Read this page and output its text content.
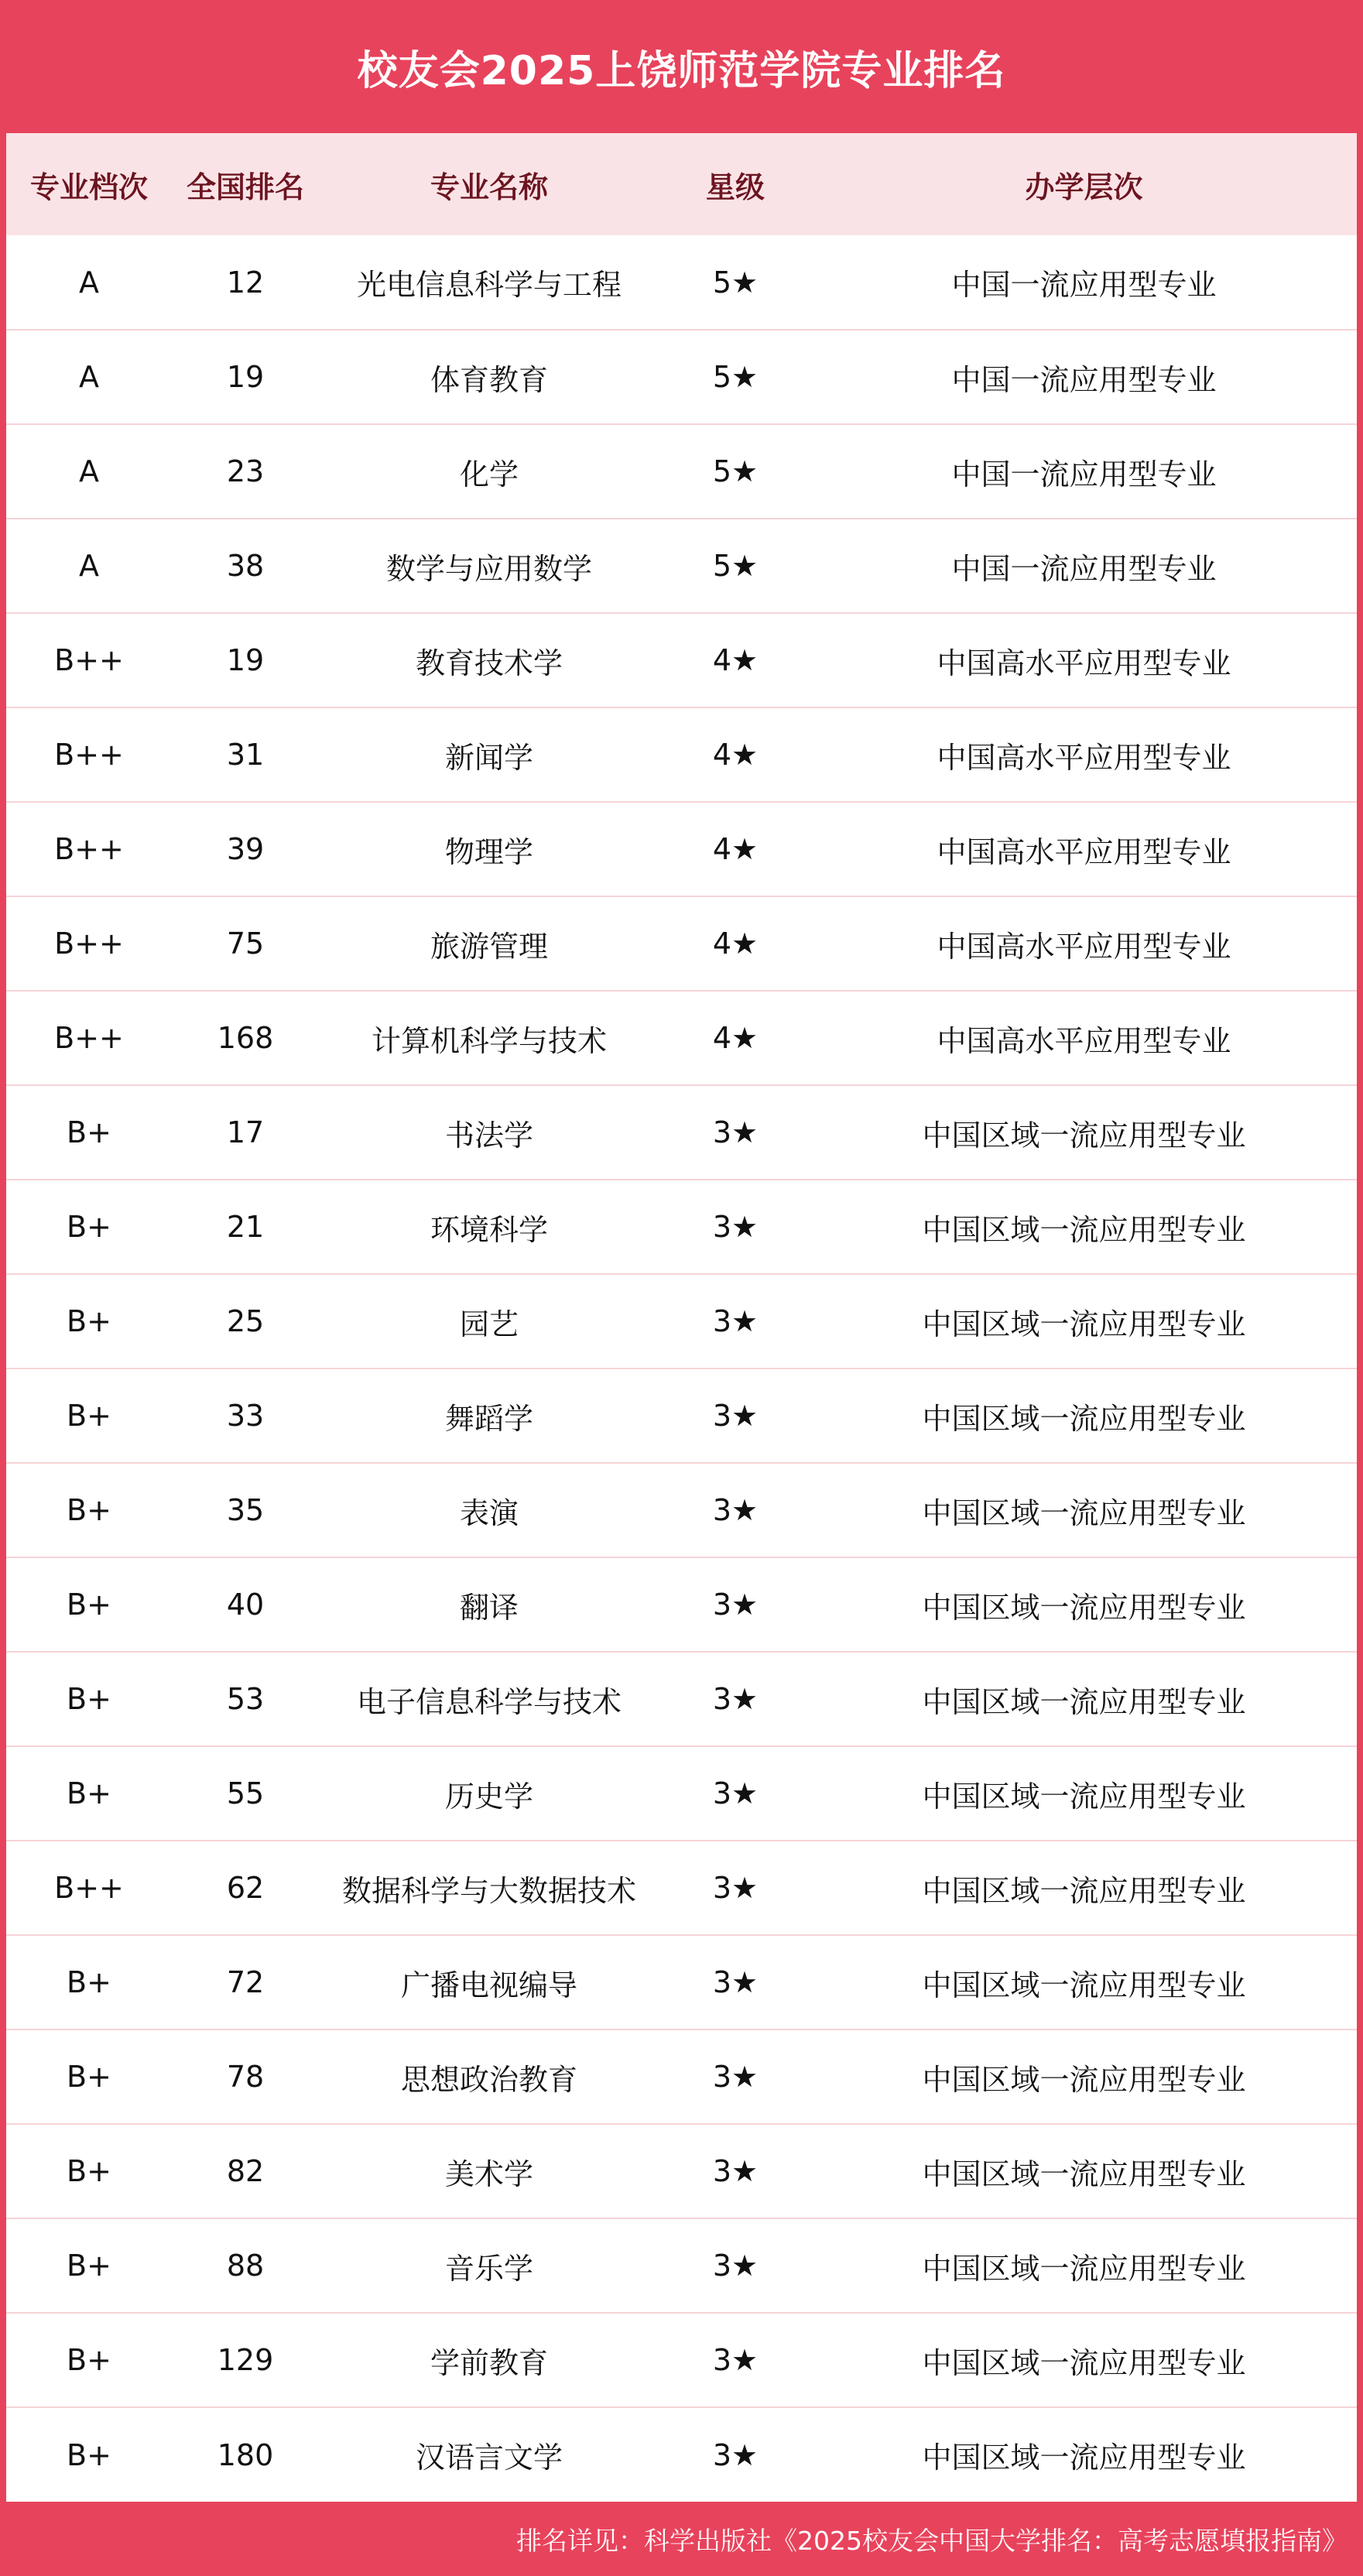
校友会2025上饶师范学院专业排名
专业档次	全国排名	专业名称	星级	办学层次
A	12	光电信息科学与工程	5★	中国一流应用型专业
A	19	体育教育	5★	中国一流应用型专业
A	23	化学	5★	中国一流应用型专业
A	38	数学与应用数学	5★	中国一流应用型专业
B++	19	教育技术学	4★	中国高水平应用型专业
B++	31	新闻学	4★	中国高水平应用型专业
B++	39	物理学	4★	中国高水平应用型专业
B++	75	旅游管理	4★	中国高水平应用型专业
B++	168	计算机科学与技术	4★	中国高水平应用型专业
B+	17	书法学	3★	中国区域一流应用型专业
B+	21	环境科学	3★	中国区域一流应用型专业
B+	25	园艺	3★	中国区域一流应用型专业
B+	33	舞蹈学	3★	中国区域一流应用型专业
B+	35	表演	3★	中国区域一流应用型专业
B+	40	翻译	3★	中国区域一流应用型专业
B+	53	电子信息科学与技术	3★	中国区域一流应用型专业
B+	55	历史学	3★	中国区域一流应用型专业
B++	62	数据科学与大数据技术	3★	中国区域一流应用型专业
B+	72	广播电视编导	3★	中国区域一流应用型专业
B+	78	思想政治教育	3★	中国区域一流应用型专业
B+	82	美术学	3★	中国区域一流应用型专业
B+	88	音乐学	3★	中国区域一流应用型专业
B+	129	学前教育	3★	中国区域一流应用型专业
B+	180	汉语言文学	3★	中国区域一流应用型专业
排名详见：科学出版社《2025校友会中国大学排名：高考志愿填报指南》
